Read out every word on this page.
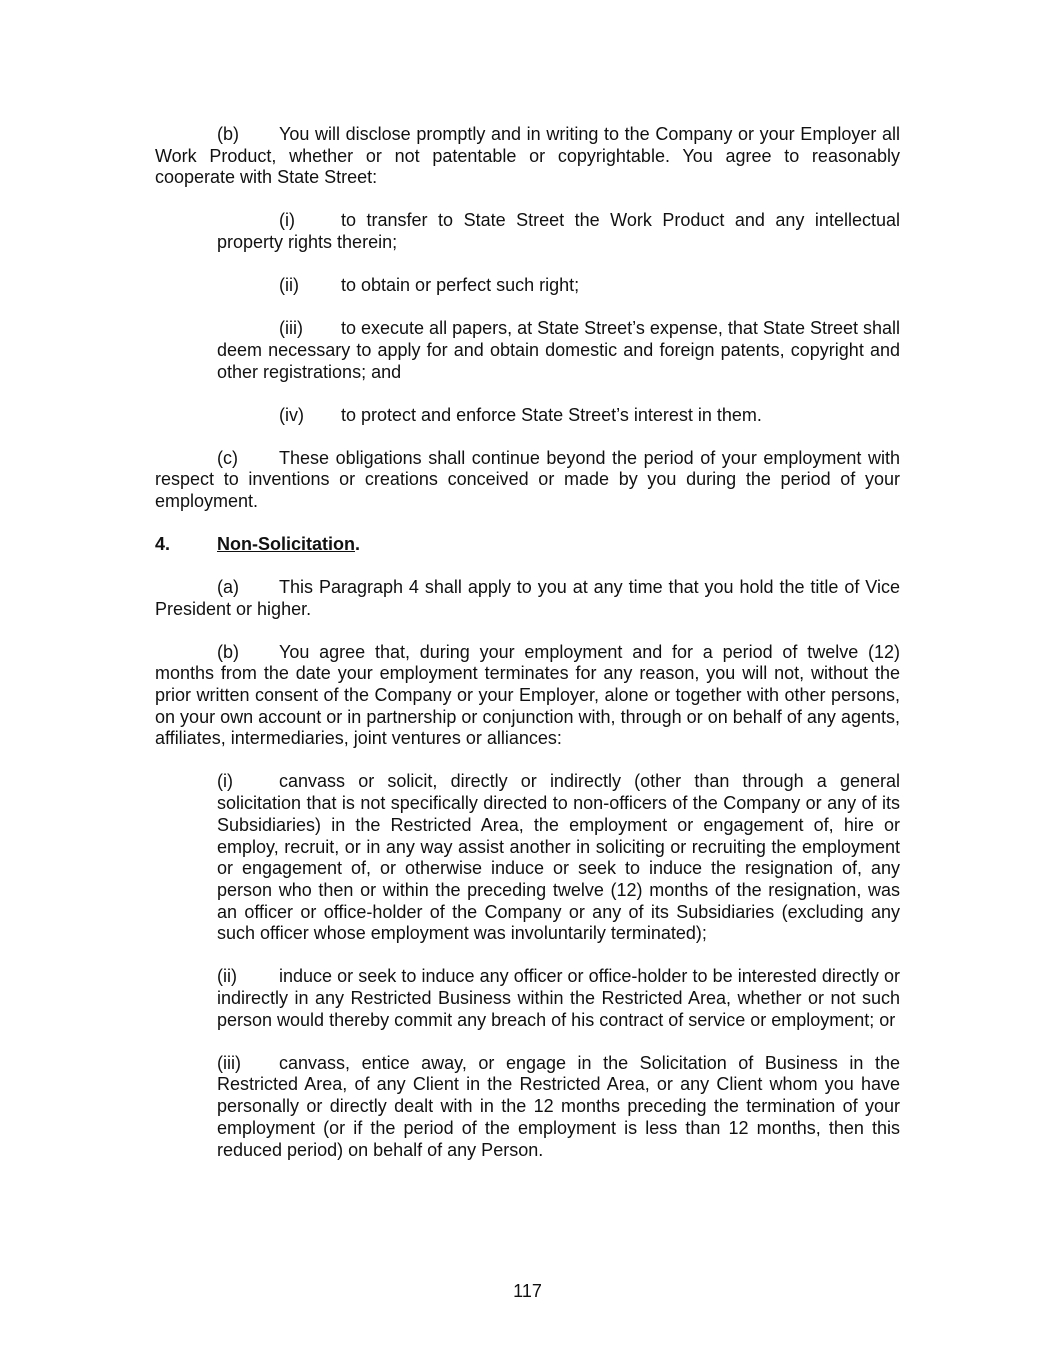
(b) You will disclose promptly and in writing to the Company or your Employer all Work Product, whether or not patentable or copyrightable. You agree to reasonably cooperate with State Street:

(i)	to transfer to State Street the Work Product and any intellectual property rights therein;

(ii) to obtain or perfect such right;

(iii) to execute all papers, at State Street’s expense, that State Street shall deem necessary to apply for and obtain domestic and foreign patents, copyright and other registrations; and

(iv) to protect and enforce State Street’s interest in them.

(c) These obligations shall continue beyond the period of your employment with respect to inventions or creations conceived or made by you during the period of your employment.

4.	Non-Solicitation.

(a) This Paragraph 4 shall apply to you at any time that you hold the title of Vice President or higher.

(b) You agree that, during your employment and for a period of twelve (12) months from the date your employment terminates for any reason, you will not, without the prior written consent of the Company or your Employer, alone or together with other persons, on your own account or in partnership or conjunction with, through or on behalf of any agents, affiliates, intermediaries, joint ventures or alliances:

(i)	canvass or solicit, directly or indirectly (other than through a general solicitation that is not specifically directed to non-officers of the Company or any of its Subsidiaries) in the Restricted Area, the employment or engagement of, hire or employ, recruit, or in any way assist another in soliciting or recruiting the employment or engagement of, or otherwise induce or seek to induce the resignation of, any person who then or within the preceding twelve (12) months of the resignation, was an officer or office-holder of the Company or any of its Subsidiaries (excluding any such officer whose employment was involuntarily terminated);

(ii) induce or seek to induce any officer or office-holder to be interested directly or indirectly in any Restricted Business within the Restricted Area, whether or not such person would thereby commit any breach of his contract of service or employment; or

(iii) canvass, entice away, or engage in the Solicitation of Business in the Restricted Area, of any Client in the Restricted Area, or any Client whom you have personally or directly dealt with in the 12 months preceding the termination of your employment (or if the period of the employment is less than 12 months, then this reduced period) on behalf of any Person.

117
